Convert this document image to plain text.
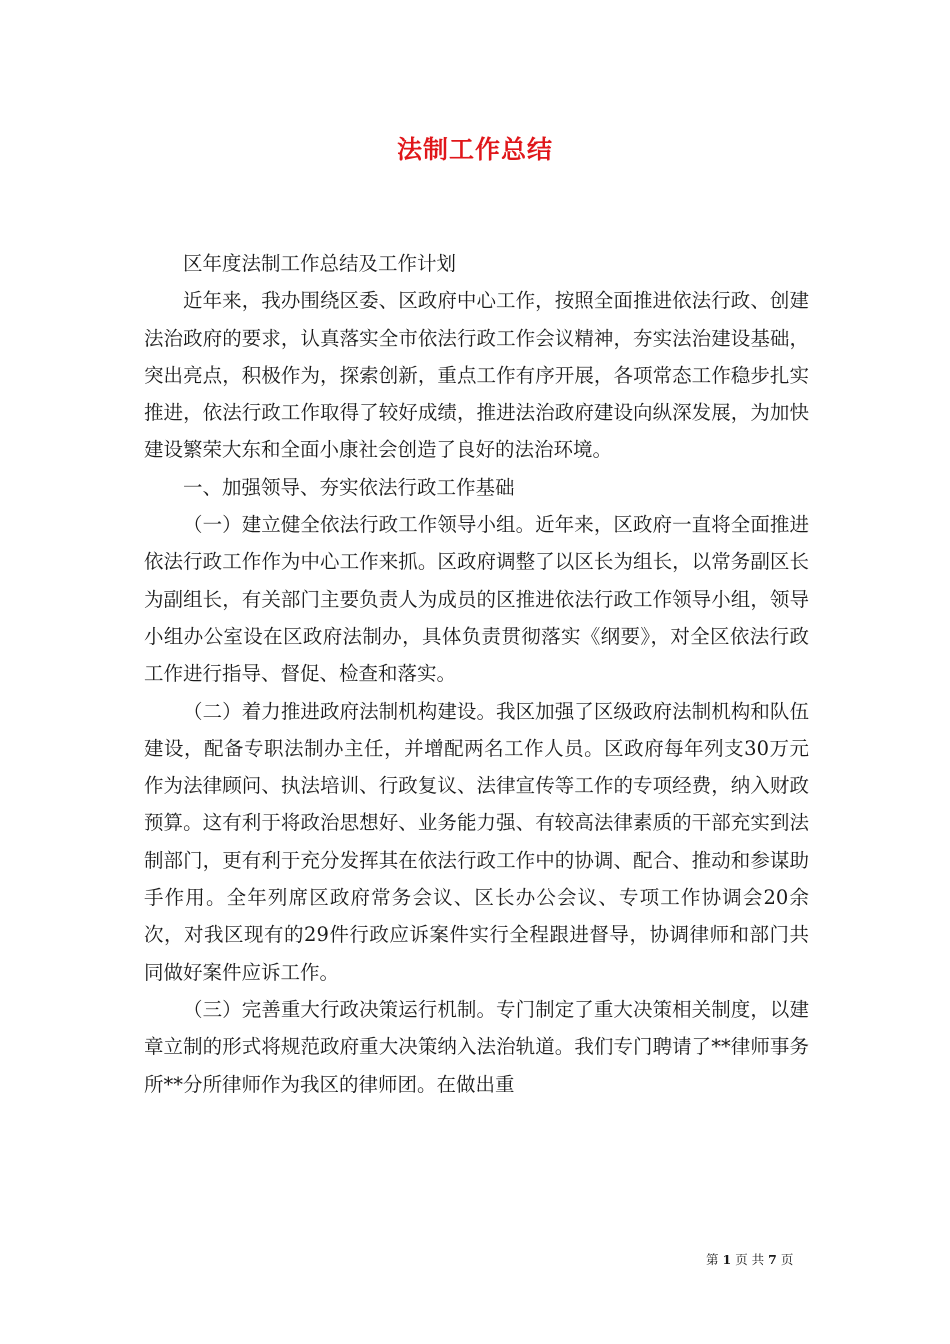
法制工作总结

区年度法制工作总结及工作计划

近年来，我办围绕区委、区政府中心工作，按照全面推进依法行政、创建法治政府的要求，认真落实全市依法行政工作会议精神，夯实法治建设基础，突出亮点，积极作为，探索创新，重点工作有序开展，各项常态工作稳步扎实推进，依法行政工作取得了较好成绩，推进法治政府建设向纵深发展，为加快建设繁荣大东和全面小康社会创造了良好的法治环境。

一、加强领导、夯实依法行政工作基础

（一）建立健全依法行政工作领导小组。近年来，区政府一直将全面推进依法行政工作作为中心工作来抓。区政府调整了以区长为组长，以常务副区长为副组长，有关部门主要负责人为成员的区推进依法行政工作领导小组，领导小组办公室设在区政府法制办，具体负责贯彻落实《纲要》，对全区依法行政工作进行指导、督促、检查和落实。

（二）着力推进政府法制机构建设。我区加强了区级政府法制机构和队伍建设，配备专职法制办主任，并增配两名工作人员。区政府每年列支30万元作为法律顾问、执法培训、行政复议、法律宣传等工作的专项经费，纳入财政预算。这有利于将政治思想好、业务能力强、有较高法律素质的干部充实到法制部门，更有利于充分发挥其在依法行政工作中的协调、配合、推动和参谋助手作用。全年列席区政府常务会议、区长办公会议、专项工作协调会20余次，对我区现有的29件行政应诉案件实行全程跟进督导，协调律师和部门共同做好案件应诉工作。

（三）完善重大行政决策运行机制。专门制定了重大决策相关制度，以建章立制的形式将规范政府重大决策纳入法治轨道。我们专门聘请了**律师事务所**分所律师作为我区的律师团。在做出重

第 1 页 共 7 页
